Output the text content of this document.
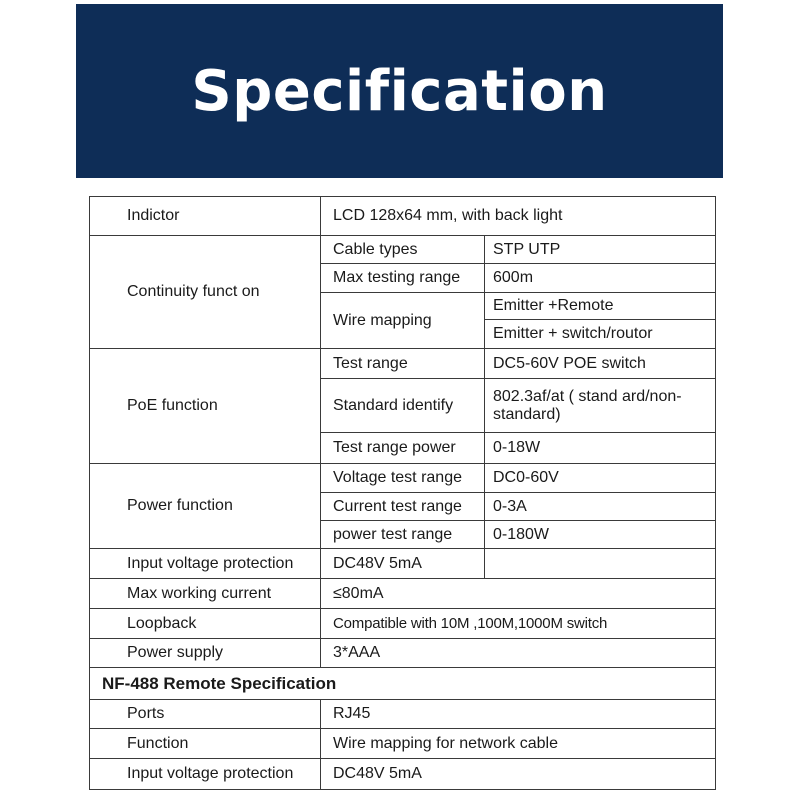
Specification
Indictor	LCD 128x64 mm, with back light	
Continuity funct on	Cable types	STP UTP
	Max testing range	600m
	Wire mapping	Emitter +Remote
		Emitter + switch/routor
PoE function	Test range	DC5-60V POE switch
	Standard identify	802.3af/at ( stand ard/non-standard)
	Test range power	0-18W
Power function	Voltage test range	DC0-60V
	Current test range	0-3A
	power test range	0-180W
Input voltage protection	DC48V 5mA	
Max working current	≤80mA	
Loopback	Compatible with 10M ,100M,1000M switch	
Power supply	3*AAA	
NF-488 Remote Specification		
Ports	RJ45	
Function	Wire mapping for network cable	
Input voltage protection	DC48V 5mA	
